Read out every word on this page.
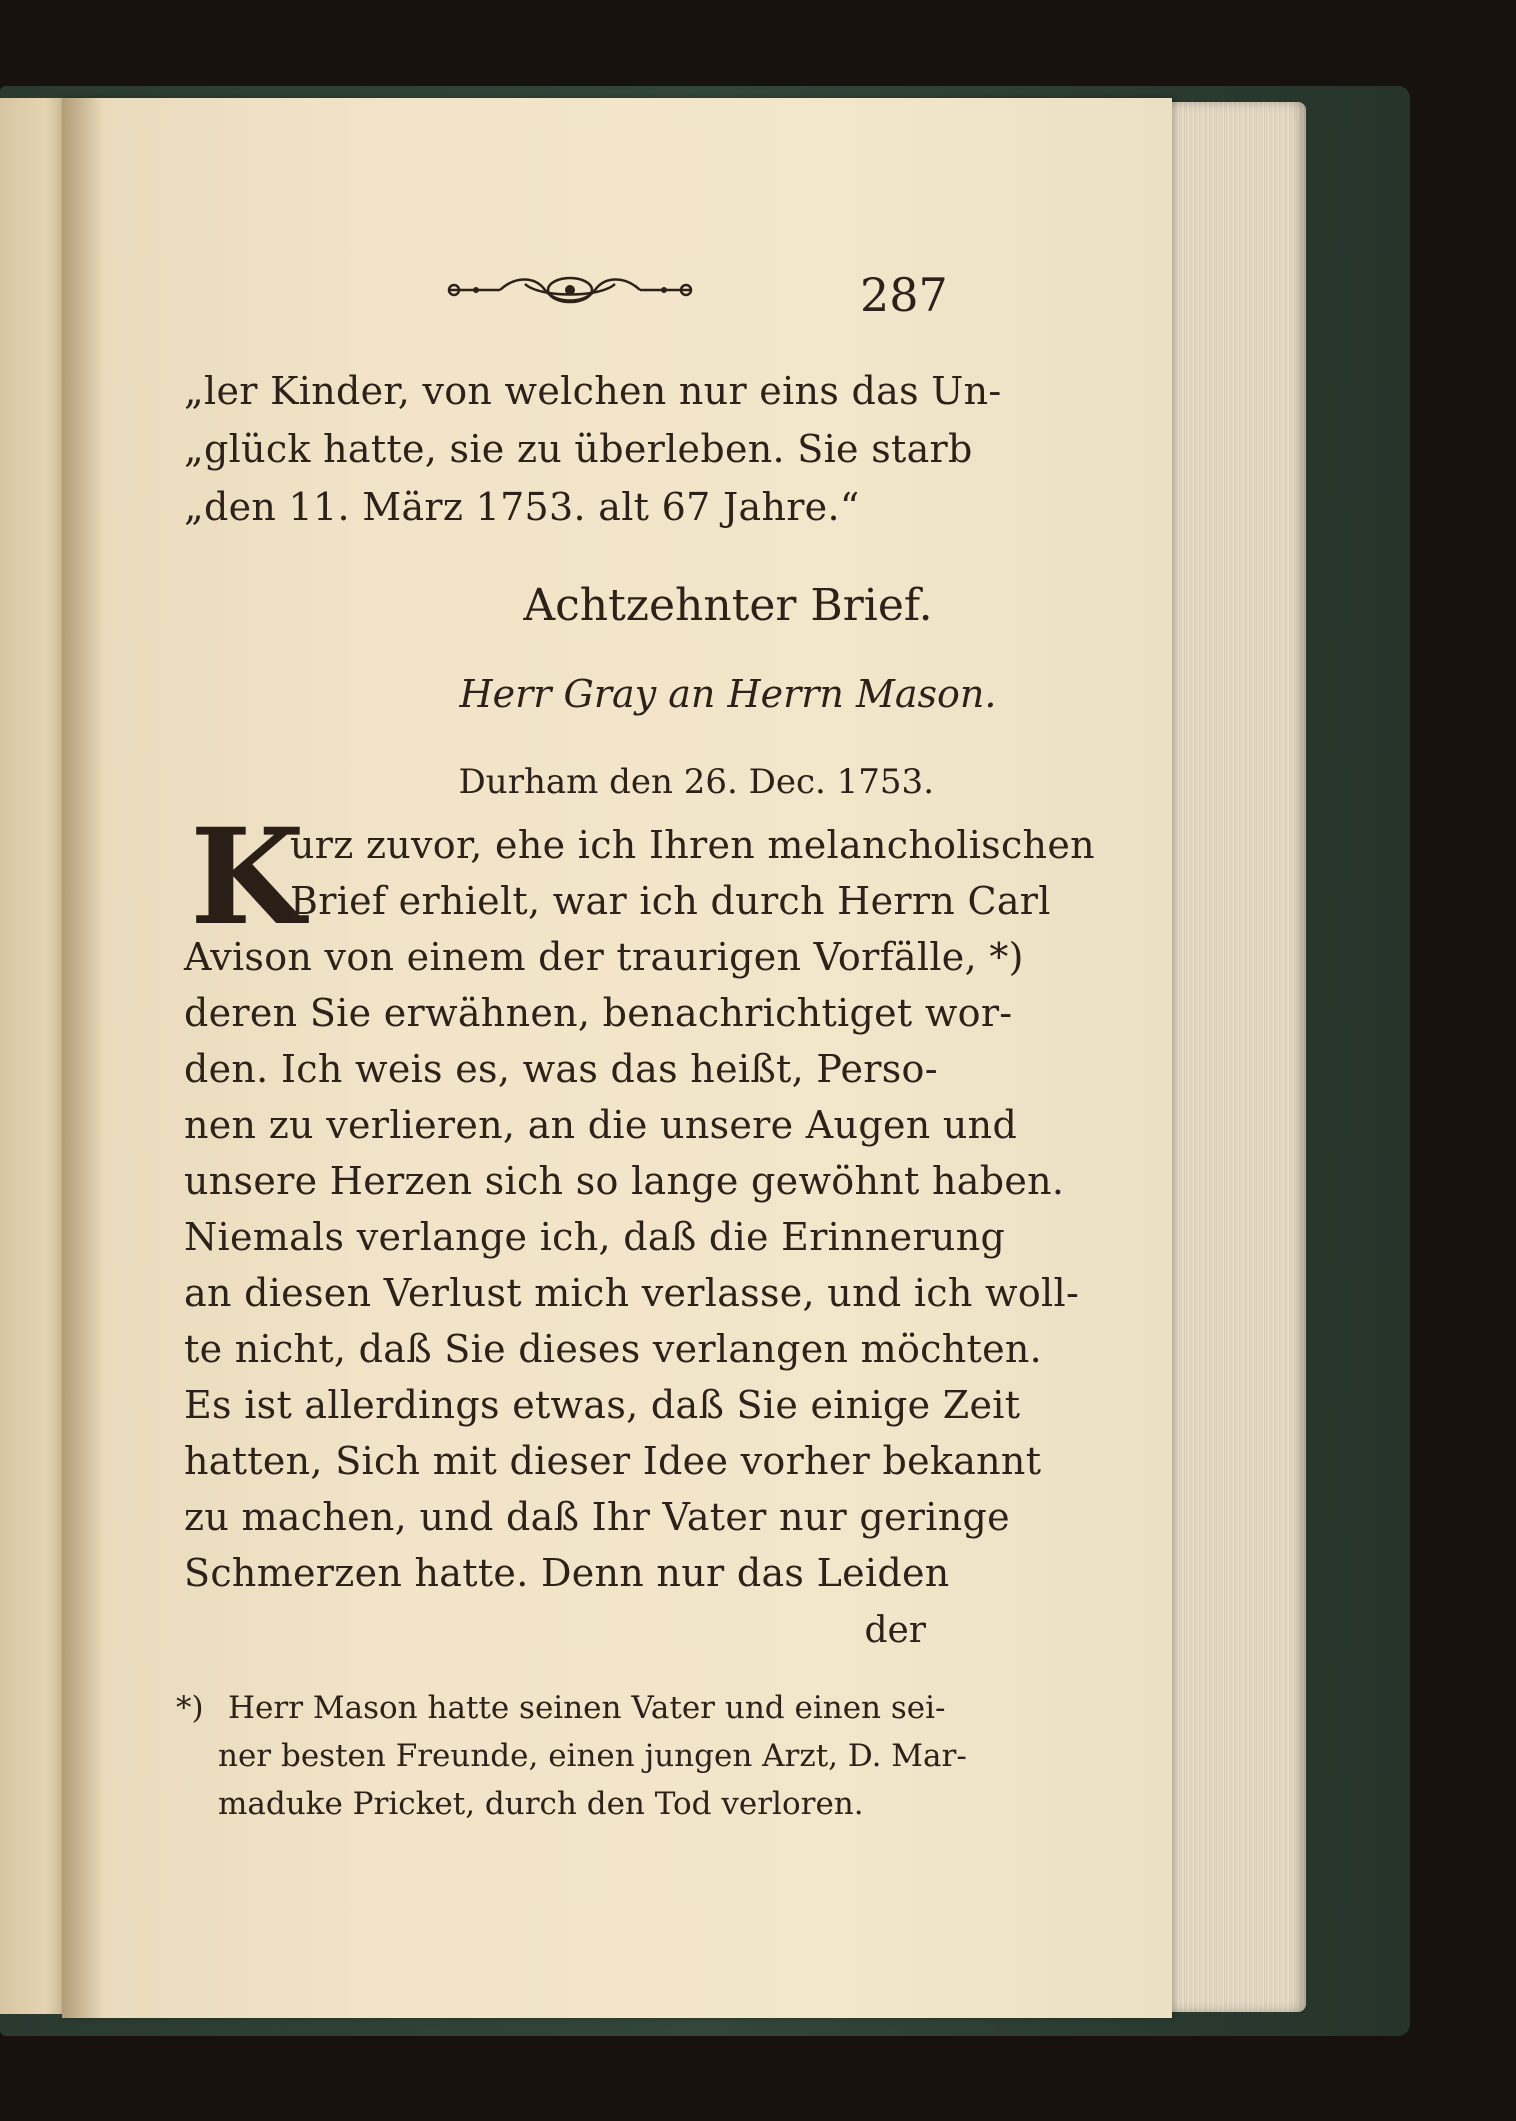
287
„ler Kinder, von welchen nur eins das Un-
„glück hatte, sie zu überleben. Sie starb
„den 11. März 1753. alt 67 Jahre.“
Achtzehnter Brief.
Herr Gray an Herrn Mason.
Durham den 26. Dec. 1753.
K
urz zuvor, ehe ich Ihren melancholischen
Brief erhielt, war ich durch Herrn Carl
Avison von einem der traurigen Vorfälle, *)
deren Sie erwähnen, benachrichtiget wor-
den. Ich weis es, was das heißt, Perso-
nen zu verlieren, an die unsere Augen und
unsere Herzen sich so lange gewöhnt haben.
Niemals verlange ich, daß die Erinnerung
an diesen Verlust mich verlasse, und ich woll-
te nicht, daß Sie dieses verlangen möchten.
Es ist allerdings etwas, daß Sie einige Zeit
hatten, Sich mit dieser Idee vorher bekannt
zu machen, und daß Ihr Vater nur geringe
Schmerzen hatte. Denn nur das Leiden
der
*) Herr Mason hatte seinen Vater und einen sei-
ner besten Freunde, einen jungen Arzt, D. Mar-
maduke Pricket, durch den Tod verloren.
